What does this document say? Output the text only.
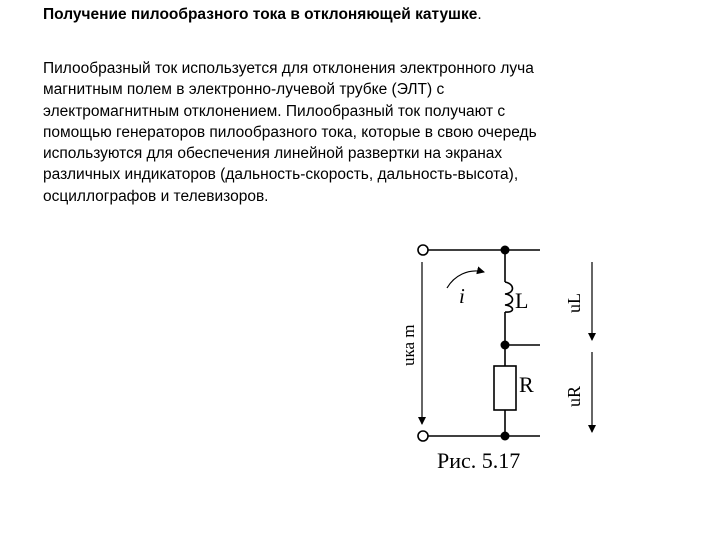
Получение пилообразного тока в отклоняющей катушке.

Пилообразный ток используется для отклонения электронного луча
магнитным полем в электронно-лучевой трубке (ЭЛТ) с
электромагнитным отклонением. Пилообразный ток получают с
помощью генераторов пилообразного тока, которые в свою очередь
используются для обеспечения линейной развертки на экранах
различных индикаторов (дальность-скорость, дальность-высота),
осциллографов и телевизоров.

i L
R
uка m
uL
uR
Рис. 5.17
